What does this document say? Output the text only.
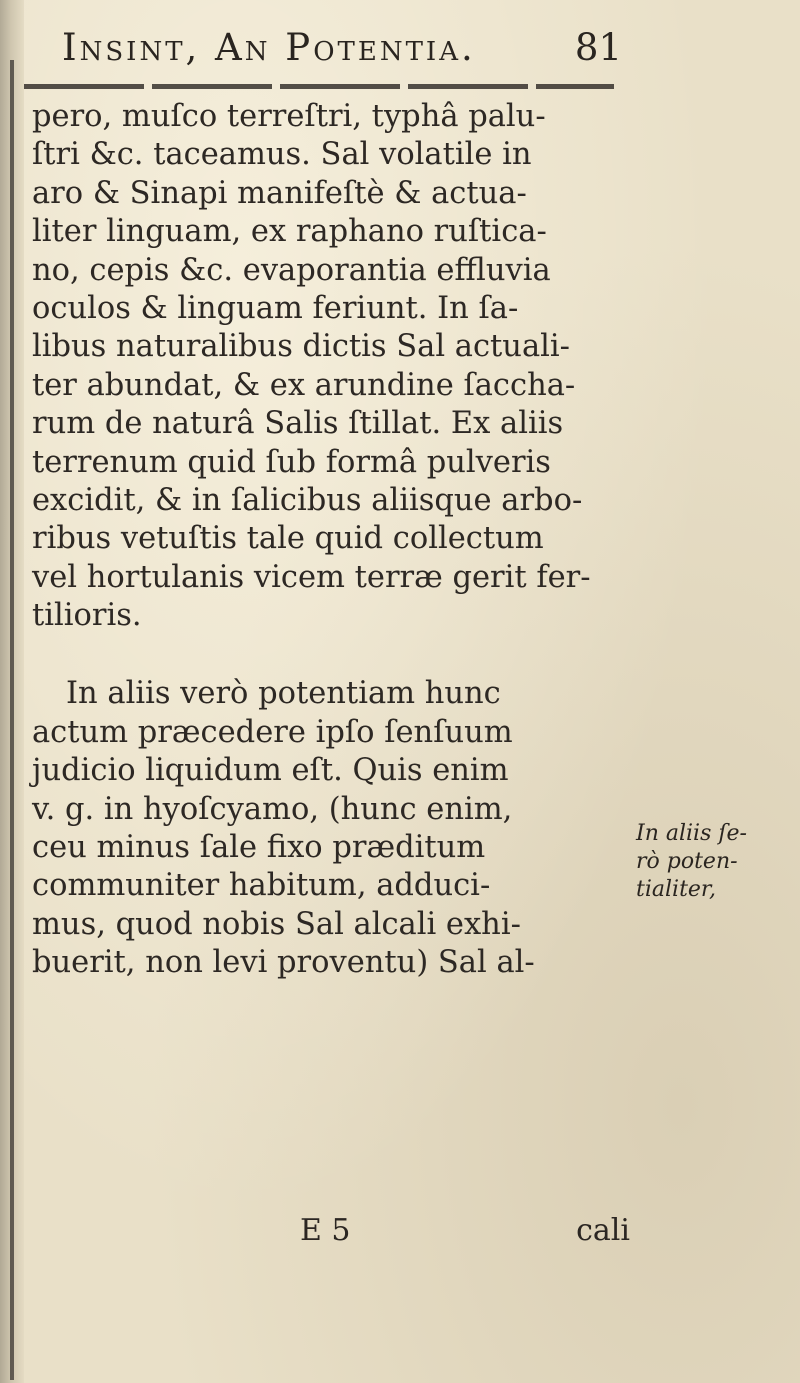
Insint, An Potentia.	81
pero, muſco terreſtri, typhâ palu-
ſtri &c. taceamus. Sal volatile in
aro & Sinapi manifeſtè & actua-
liter linguam, ex raphano ruſtica-
no, cepis &c. evaporantia effluvia
oculos & linguam feriunt. In ſa-
libus naturalibus dictis Sal actuali-
ter abundat, & ex arundine ſaccha-
rum de naturâ Salis ſtillat. Ex aliis
terrenum quid ſub formâ pulveris
excidit, & in ſalicibus aliisque arbo-
ribus vetuſtis tale quid collectum
vel hortulanis vicem terræ gerit fer-
tilioris.
In aliis verò potentiam hunc
actum præcedere ipſo ſenſuum
judicio liquidum eſt. Quis enim
v. g. in hyoſcyamo, (hunc enim,
ceu minus ſale fixo præditum
communiter habitum, adduci-
mus, quod nobis Sal alcali exhi-
buerit, non levi proventu) Sal al-
In aliis ſe-
rò poten-
tialiter,
E 5	cali
